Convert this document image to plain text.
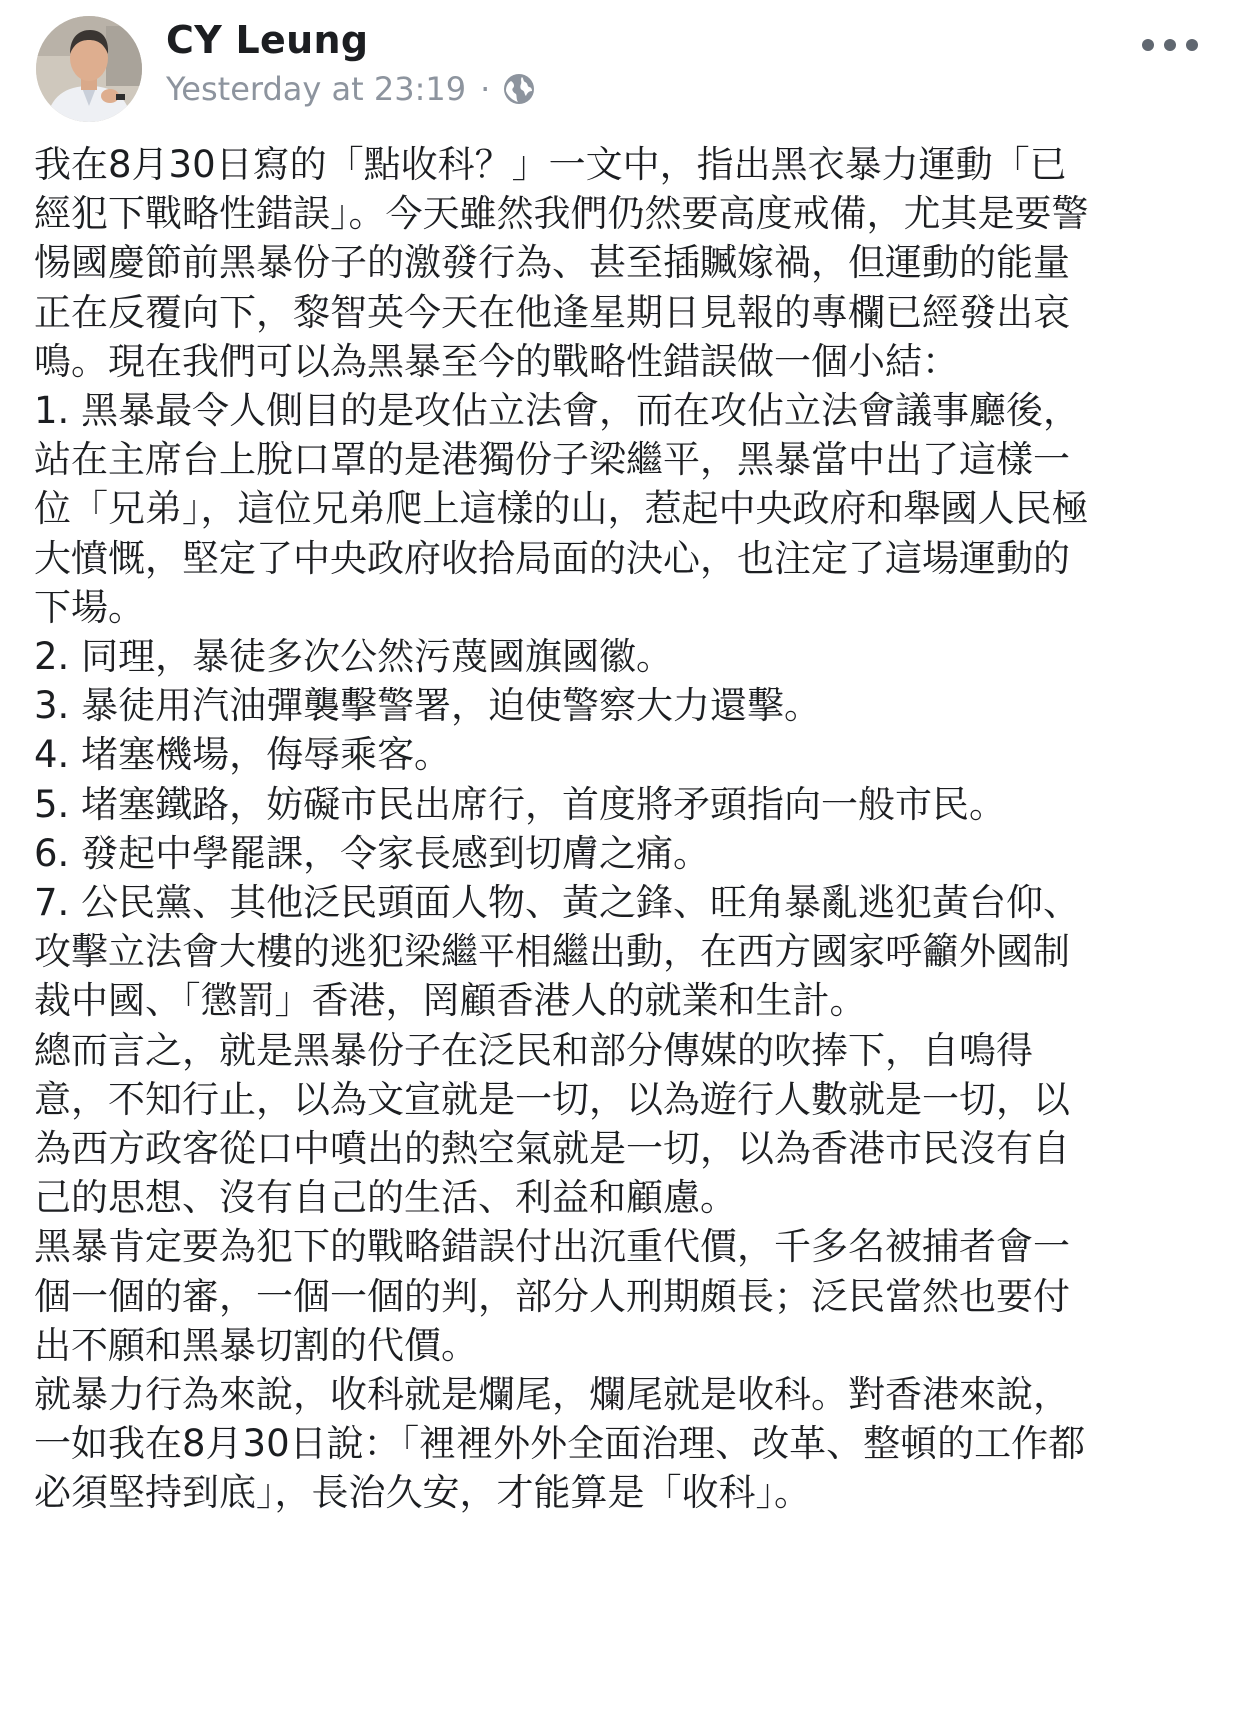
CY Leung
Yesterday at 23:19 ·

我在8月30日寫的「點收科？」一文中，指出黑衣暴力運動「已經犯下戰略性錯誤」。今天雖然我們仍然要高度戒備，尤其是要警惕國慶節前黑暴份子的激發行為、甚至插贓嫁禍，但運動的能量正在反覆向下，黎智英今天在他逢星期日見報的專欄已經發出哀鳴。現在我們可以為黑暴至今的戰略性錯誤做一個小結：

1. 黑暴最令人側目的是攻佔立法會，而在攻佔立法會議事廳後，站在主席台上脫口罩的是港獨份子梁繼平，黑暴當中出了這樣一位「兄弟」，這位兄弟爬上這樣的山，惹起中央政府和舉國人民極大憤慨，堅定了中央政府收拾局面的決心，也注定了這場運動的下場。

2. 同理，暴徒多次公然污蔑國旗國徽。

3. 暴徒用汽油彈襲擊警署，迫使警察大力還擊。

4. 堵塞機場，侮辱乘客。

5. 堵塞鐵路，妨礙市民出席行，首度將矛頭指向一般市民。

6. 發起中學罷課，令家長感到切膚之痛。

7. 公民黨、其他泛民頭面人物、黃之鋒、旺角暴亂逃犯黃台仰、攻擊立法會大樓的逃犯梁繼平相繼出動，在西方國家呼籲外國制裁中國、「懲罰」香港，罔顧香港人的就業和生計。

總而言之，就是黑暴份子在泛民和部分傳媒的吹捧下，自鳴得意，不知行止，以為文宣就是一切，以為遊行人數就是一切，以為西方政客從口中噴出的熱空氣就是一切，以為香港市民沒有自己的思想、沒有自己的生活、利益和顧慮。

黑暴肯定要為犯下的戰略錯誤付出沉重代價，千多名被捕者會一個一個的審，一個一個的判，部分人刑期頗長；泛民當然也要付出不願和黑暴切割的代價。

就暴力行為來說，收科就是爛尾，爛尾就是收科。對香港來說，一如我在8月30日說：「裡裡外外全面治理、改革、整頓的工作都必須堅持到底」，長治久安，才能算是「收科」。
